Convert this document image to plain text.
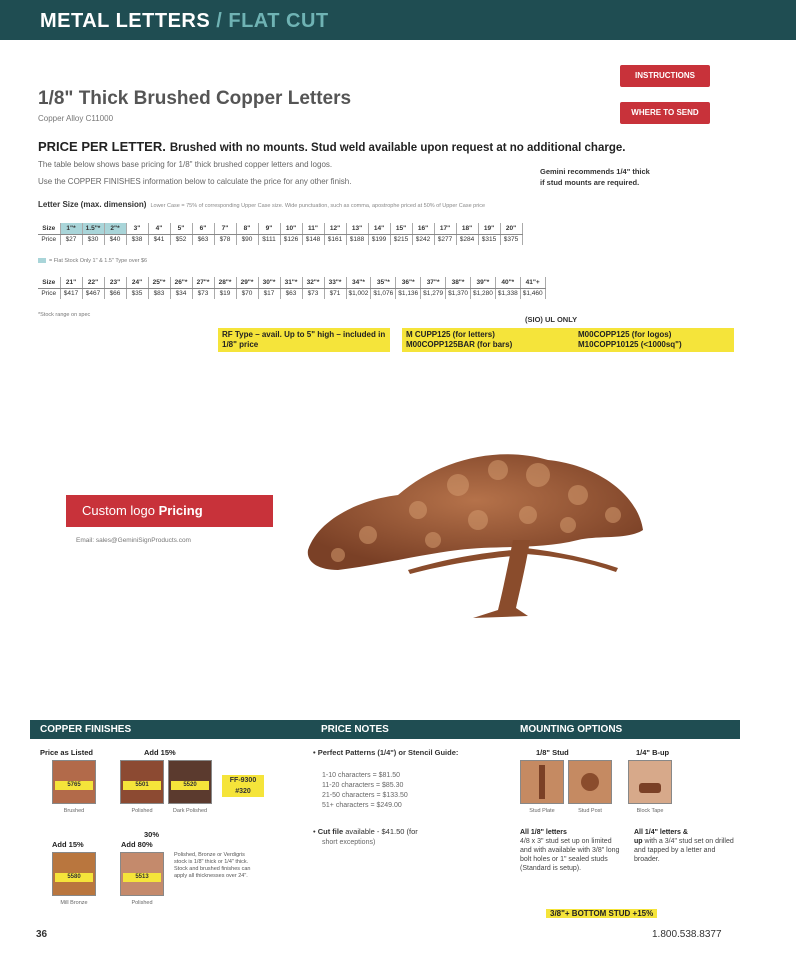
METAL LETTERS / FLAT CUT
INSTRUCTIONS
WHERE TO SEND
1/8" Thick Brushed Copper Letters
Copper Alloy C11000
PRICE PER LETTER. Brushed with no mounts. Stud weld available upon request at no additional charge.
The table below shows base pricing for 1/8" thick brushed copper letters and logos.
Use the COPPER FINISHES information below to calculate the price for any other finish.
Gemini recommends 1/4" thick
if stud mounts are required.
Letter Size (max. dimension) Lower Case = 75% of corresponding Upper Case size. Wide punctuation, such as comma, apostrophe priced at 50% of Upper Case price
Size	1"*	1.5"*	2"*	3"	4"	5"	6"	7"	8"	9"	10"	11"	12"	13"	14"	15"	16"	17"	18"	19"	20"
Price	$27	$30	$40	$38	$41	$52	$63	$78	$90	$111	$126	$148	$161	$188	$199	$215	$242	$277	$284	$315	$375
= Flat Stock Only 1" & 1.5" Type over $6
Size	21"	22"	23"	24"	25"*	26"*	27"*	28"*	29"*	30"*	31"*	32"*	33"*	34"*	35"*	36"*	37"*	38"*	39"*	40"*	41"+
Price	$417	$467	$66	$35	$83	$34	$73	$19	$70	$17	$63	$73	$71	$1,002	$1,076	$1,136	$1,279	$1,370	$1,280	$1,338	$1,460
*Stock range on spec	(SIO) UL ONLY
RF Type – avail. Up to 5" high – included in 1/8" price
M CUPP125 (for letters)
M00COPP125BAR (for bars)
M00COPP125 (for logos)
M10COPP10125 (<1000sq")
Custom logo Pricing
Email: sales@GeminiSignProducts.com
COPPER FINISHES	PRICE NOTES	MOUNTING OPTIONS
Price as Listed	Add 15%
5765
Brushed
5501
Polished
5520
Dark Polished
5580
Mill Bronze
5513
Polished
FF-9300
#320
Add 15%
30%
Add 80%
Polished, Bronze or Verdigris stock is 1/8" thick or 1/4" thick. Stock and brushed finishes can apply all thicknesses over 24".
• Perfect Patterns (1/4") or Stencil Guide:
1-10 characters = $81.50
11-20 characters = $85.30
21-50 characters = $133.50
51+ characters = $249.00
• Cut file available - $41.50 (for
short exceptions)
1/8" Stud	1/4" B-up
Stud Plate	Stud Post	Block Tape
All 1/8" letters
4/8 x 3" stud set up on limited and with available with 3/8" long bolt holes or 1" sealed studs (Standard is setup).
All 1/4" letters &
up with a 3/4" stud set on drilled and tapped by a letter and broader.
3/8"+ BOTTOM STUD +15%
36	1.800.538.8377
